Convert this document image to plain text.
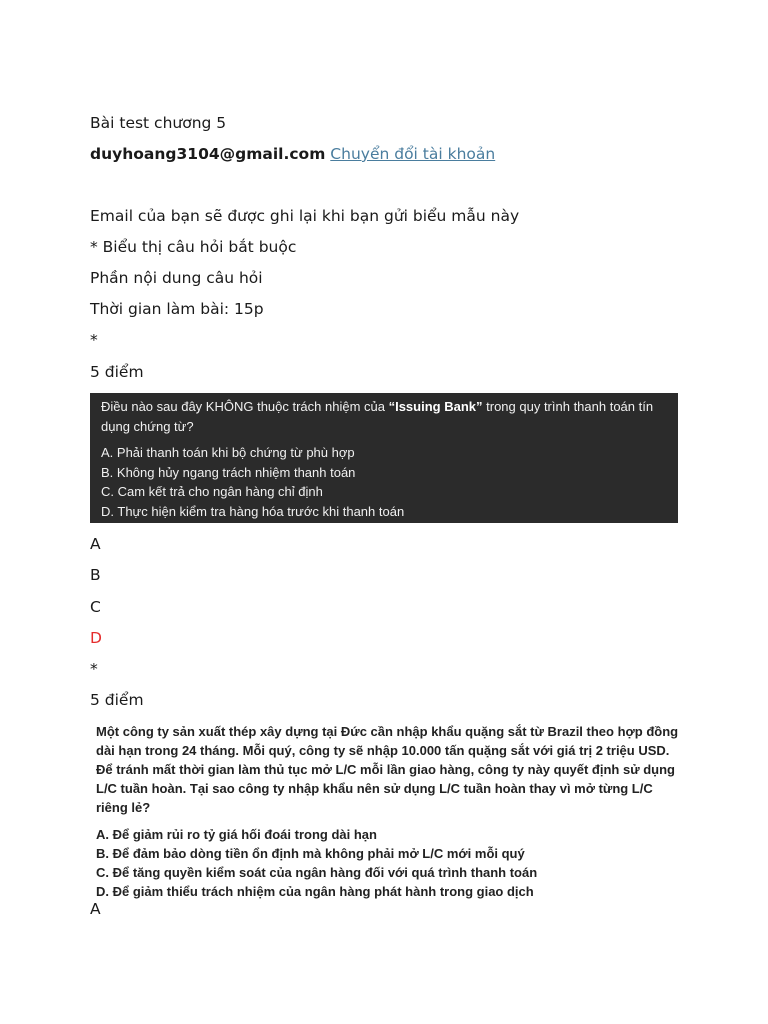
Bài test chương 5
duyhoang3104@gmail.com Chuyển đổi tài khoản
Email của bạn sẽ được ghi lại khi bạn gửi biểu mẫu này
* Biểu thị câu hỏi bắt buộc
Phần nội dung câu hỏi
Thời gian làm bài: 15p
*
5 điểm
Điều nào sau đây KHÔNG thuộc trách nhiệm của “Issuing Bank” trong quy trình thanh toán tín dụng chứng từ?
A. Phải thanh toán khi bộ chứng từ phù hợp
B. Không hủy ngang trách nhiệm thanh toán
C. Cam kết trả cho ngân hàng chỉ định
D. Thực hiện kiểm tra hàng hóa trước khi thanh toán
A
B
C
D
*
5 điểm
Một công ty sản xuất thép xây dựng tại Đức cần nhập khẩu quặng sắt từ Brazil theo hợp đồng dài hạn trong 24 tháng. Mỗi quý, công ty sẽ nhập 10.000 tấn quặng sắt với giá trị 2 triệu USD. Để tránh mất thời gian làm thủ tục mở L/C mỗi lần giao hàng, công ty này quyết định sử dụng L/C tuần hoàn. Tại sao công ty nhập khẩu nên sử dụng L/C tuần hoàn thay vì mở từng L/C riêng lẻ?
A. Để giảm rủi ro tỷ giá hối đoái trong dài hạn
B. Để đảm bảo dòng tiền ổn định mà không phải mở L/C mới mỗi quý
C. Để tăng quyền kiểm soát của ngân hàng đối với quá trình thanh toán
D. Để giảm thiểu trách nhiệm của ngân hàng phát hành trong giao dịch
A
